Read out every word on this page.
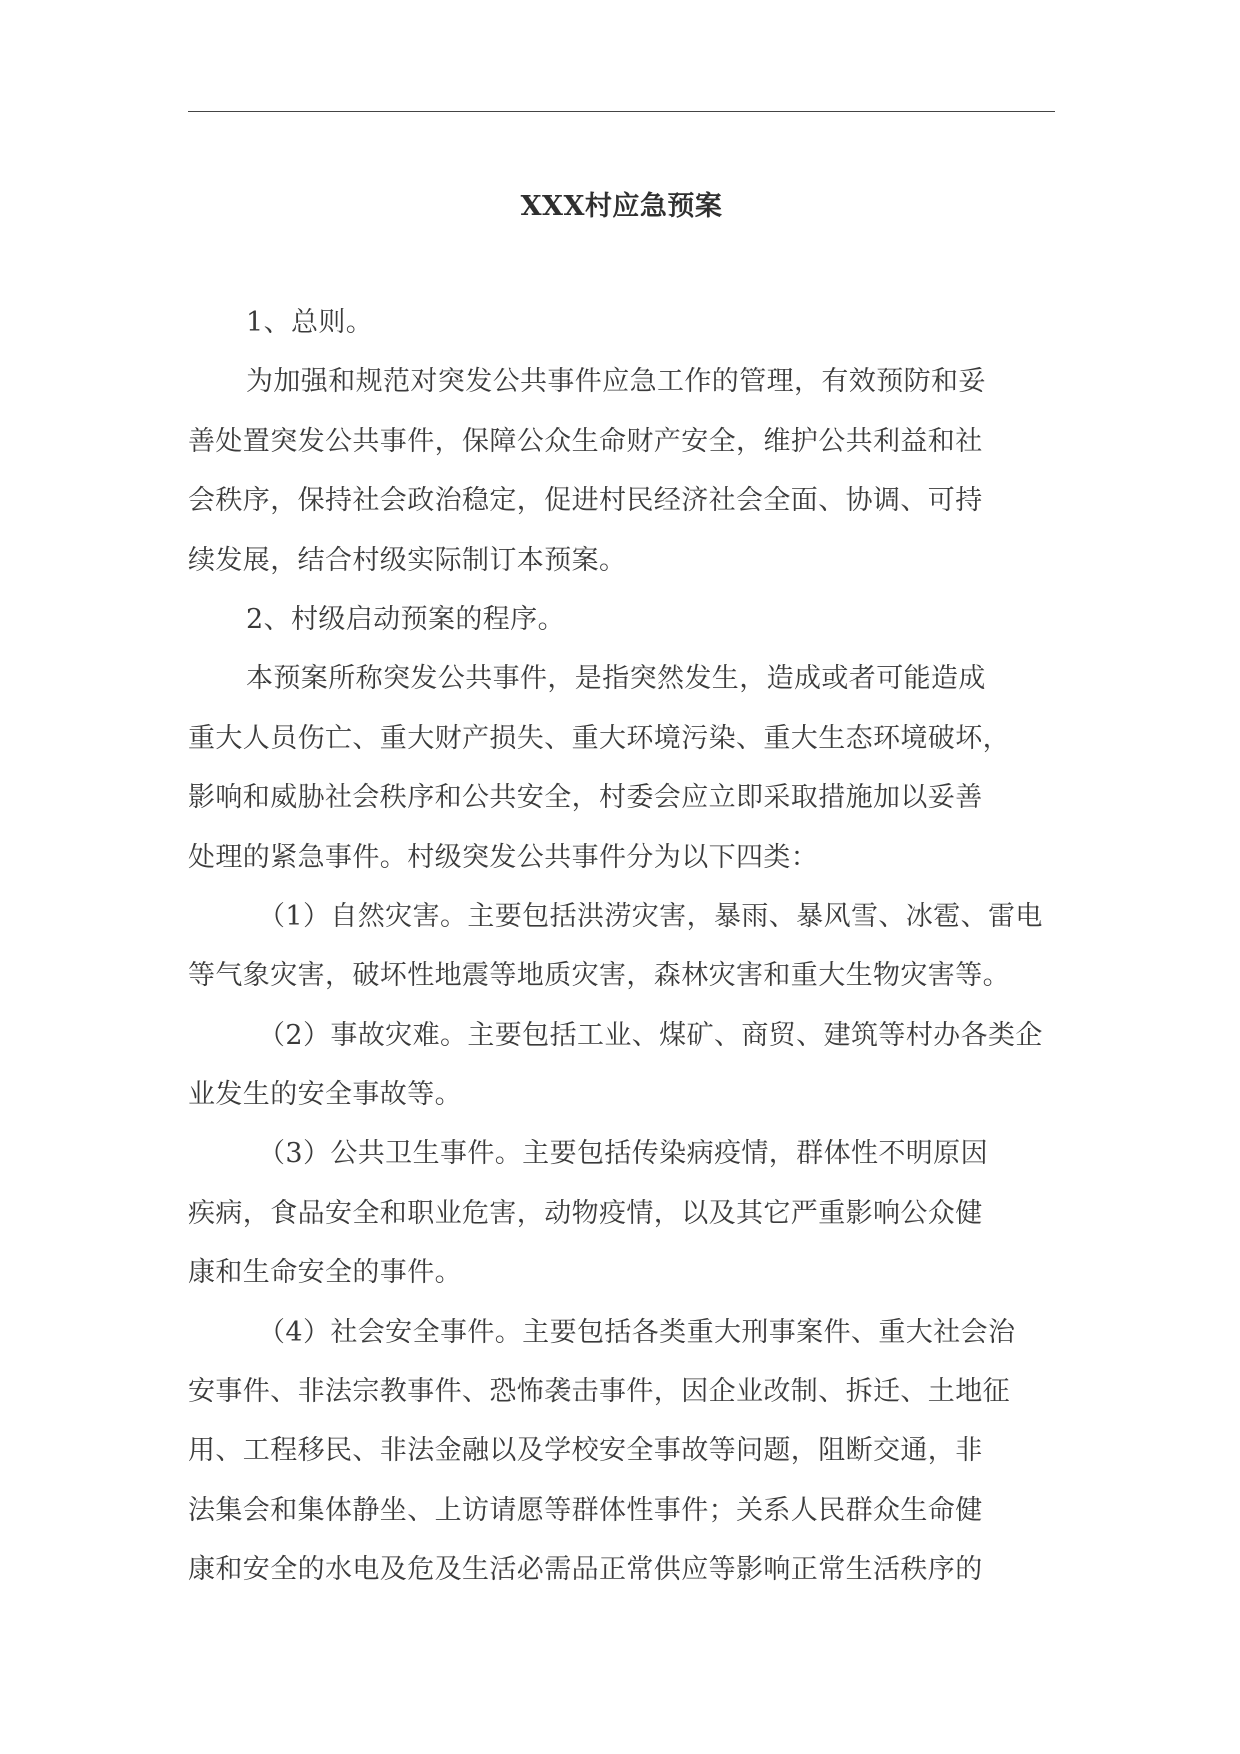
XXX村应急预案
1、总则。
为加强和规范对突发公共事件应急工作的管理，有效预防和妥
善处置突发公共事件，保障公众生命财产安全，维护公共利益和社
会秩序，保持社会政治稳定，促进村民经济社会全面、协调、可持
续发展，结合村级实际制订本预案。
2、村级启动预案的程序。
本预案所称突发公共事件，是指突然发生，造成或者可能造成
重大人员伤亡、重大财产损失、重大环境污染、重大生态环境破坏，
影响和威胁社会秩序和公共安全，村委会应立即采取措施加以妥善
处理的紧急事件。村级突发公共事件分为以下四类：
（1）自然灾害。主要包括洪涝灾害，暴雨、暴风雪、冰雹、雷电
等气象灾害，破坏性地震等地质灾害，森林灾害和重大生物灾害等。
（2）事故灾难。主要包括工业、煤矿、商贸、建筑等村办各类企
业发生的安全事故等。
（3）公共卫生事件。主要包括传染病疫情，群体性不明原因
疾病，食品安全和职业危害，动物疫情，以及其它严重影响公众健
康和生命安全的事件。
（4）社会安全事件。主要包括各类重大刑事案件、重大社会治
安事件、非法宗教事件、恐怖袭击事件，因企业改制、拆迁、土地征
用、工程移民、非法金融以及学校安全事故等问题，阻断交通，非
法集会和集体静坐、上访请愿等群体性事件；关系人民群众生命健
康和安全的水电及危及生活必需品正常供应等影响正常生活秩序的
